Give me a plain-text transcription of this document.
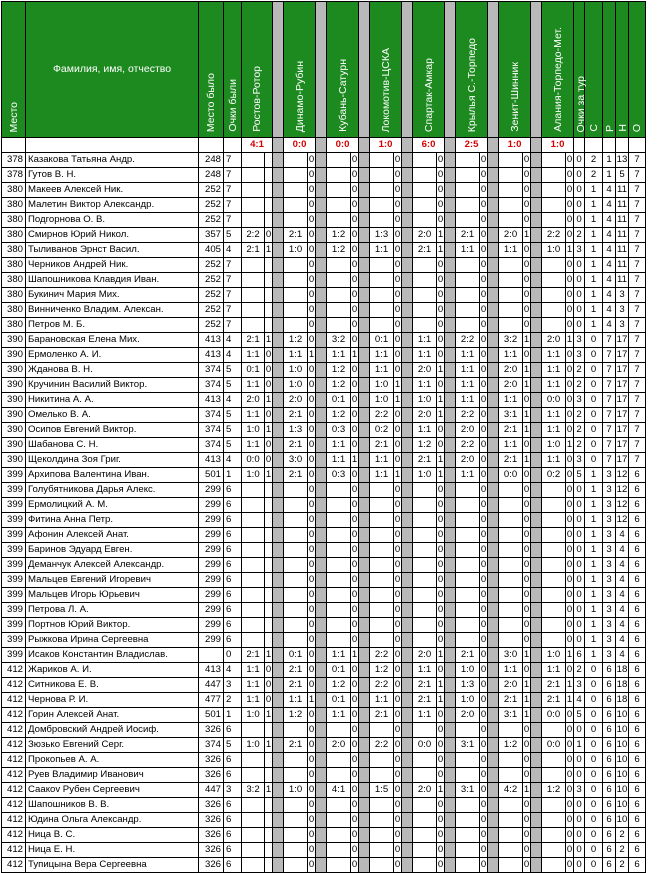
Место	Фамилия, имя, отчество	Место было	Очки были	Ростов-Ротор			Динамо-Рубин			Кубань-Сатурн			Локомотив-ЦСКА			Спартак-Амкар			Крылья С.-Торпедо			Зенит-Шинник			Алания-Торпедо-Мет.		Очки за тур	С	Р	Н	О
				4:1			0:0			0:0			1:0			6:0			2:5			1:0			1:0						
378	Казакова Татьяна Андр.	248	7					0			0			0			0			0			0			0	0	2	1	13	7
378	Гутов В. Н.	248	7					0			0			0			0			0			0			0	0	2	1	5	7
380	Макеев Алексей Ник.	252	7					0			0			0			0			0			0			0	0	1	4	11	7
380	Малетин Виктор Александр.	252	7					0			0			0			0			0			0			0	0	1	4	11	7
380	Подгорнова О. В.	252	7					0			0			0			0			0			0			0	0	1	4	11	7
380	Смирнов Юрий Никол.	357	5	2:2	0		2:1	0		1:2	0		1:3	0		2:0	1		2:1	0		2:0	1		2:2	0	2	1	4	11	7
380	Тыливанов Эрнст Васил.	405	4	2:1	1		1:0	0		1:2	0		1:1	0		2:1	1		1:1	0		1:1	0		1:0	1	3	1	4	11	7
380	Черников Андрей Ник.	252	7					0			0			0			0			0			0			0	0	1	4	11	7
380	Шапошникова Клавдия Иван.	252	7					0			0			0			0			0			0			0	0	1	4	11	7
380	Букинич Мария Мих.	252	7					0			0			0			0			0			0			0	0	1	4	3	7
380	Винниченко Владим. Алексан.	252	7					0			0			0			0			0			0			0	0	1	4	3	7
380	Петров М. Б.	252	7					0			0			0			0			0			0			0	0	1	4	3	7
390	Барановская Елена Мих.	413	4	2:1	1		1:2	0		3:2	0		0:1	0		1:1	0		2:2	0		3:2	1		2:0	1	3	0	7	17	7
390	Ермоленко А. И.	413	4	1:1	0		1:1	1		1:1	1		1:1	0		1:1	0		1:1	0		1:1	0		1:1	0	3	0	7	17	7
390	Жданова В. Н.	374	5	0:1	0		1:0	0		1:2	0		1:1	0		2:0	1		1:1	0		2:0	1		1:1	0	2	0	7	17	7
390	Кручинин Василий Виктор.	374	5	1:1	0		1:0	0		1:2	0		1:0	1		1:1	0		1:1	0		2:0	1		1:1	0	2	0	7	17	7
390	Никитина А. А.	413	4	2:0	1		2:0	0		0:1	0		1:0	1		1:0	1		1:1	0		1:1	0		0:0	0	3	0	7	17	7
390	Омелько В. А.	374	5	1:1	0		2:1	0		1:2	0		2:2	0		2:0	1		2:2	0		3:1	1		1:1	0	2	0	7	17	7
390	Осипов Евгений Виктор.	374	5	1:0	1		1:3	0		0:3	0		0:2	0		1:1	0		2:0	0		2:1	1		1:1	0	2	0	7	17	7
390	Шабанова С. Н.	374	5	1:1	0		2:1	0		1:1	0		2:1	0		1:2	0		2:2	0		1:1	0		1:0	1	2	0	7	17	7
390	Щеколдина Зоя Григ.	413	4	0:0	0		3:0	0		1:1	1		1:1	0		2:1	1		2:0	0		2:1	1		1:1	0	3	0	7	17	7
399	Архипова Валентина Иван.	501	1	1:0	1		2:1	0		0:3	0		1:1	1		1:0	1		1:1	0		0:0	0		0:2	0	5	1	3	12	6
399	Голубятникова Дарья Алекс.	299	6					0			0			0			0			0			0			0	0	1	3	12	6
399	Ермолицкий А. М.	299	6					0			0			0			0			0			0			0	0	1	3	12	6
399	Фитина Анна Петр.	299	6					0			0			0			0			0			0			0	0	1	3	12	6
399	Афонин Алексей Анат.	299	6					0			0			0			0			0			0			0	0	1	3	4	6
399	Баринов Эдуард Евген.	299	6					0			0			0			0			0			0			0	0	1	3	4	6
399	Деманчук Алексей Александр.	299	6					0			0			0			0			0			0			0	0	1	3	4	6
399	Мальцев Евгений Игоревич	299	6					0			0			0			0			0			0			0	0	1	3	4	6
399	Мальцев Игорь Юрьевич	299	6					0			0			0			0			0			0			0	0	1	3	4	6
399	Петрова Л. А.	299	6					0			0			0			0			0			0			0	0	1	3	4	6
399	Портнов Юрий Виктор.	299	6					0			0			0			0			0			0			0	0	1	3	4	6
399	Рыжкова Ирина Сергеевна	299	6					0			0			0			0			0			0			0	0	1	3	4	6
399	Исаков Константин Владислав.		0	2:1	1		0:1	0		1:1	1		2:2	0		2:0	1		2:1	0		3:0	1		1:0	1	6	1	3	4	6
412	Жариков А. И.	413	4	1:1	0		2:1	0		0:1	0		1:2	0		1:1	0		1:0	0		1:1	0		1:1	0	2	0	6	18	6
412	Ситникова Е. В.	447	3	1:1	0		2:1	0		1:2	0		2:2	0		2:1	1		1:3	0		2:0	1		2:1	1	3	0	6	18	6
412	Чернова Р. И.	477	2	1:1	0		1:1	1		0:1	0		1:1	0		2:1	1		1:0	0		2:1	1		2:1	1	4	0	6	18	6
412	Горин Алексей Анат.	501	1	1:0	1		1:2	0		1:1	0		2:1	0		1:1	0		2:0	0		3:1	1		0:0	0	5	0	6	10	6
412	Домбровский Андрей Иосиф.	326	6					0			0			0			0			0			0			0	0	0	6	10	6
412	Зюзько Евгений Серг.	374	5	1:0	1		2:1	0		2:0	0		2:2	0		0:0	0		3:1	0		1:2	0		0:0	0	1	0	6	10	6
412	Прокопьев А. А.	326	6					0			0			0			0			0			0			0	0	0	6	10	6
412	Руев Владимир Иванович	326	6					0			0			0			0			0			0			0	0	0	6	10	6
412	Саакоv Рубен Сергеевич	447	3	3:2	1		1:0	0		4:1	0		1:5	0		2:0	1		3:1	0		4:2	1		1:2	0	3	0	6	10	6
412	Шапошников В. В.	326	6					0			0			0			0			0			0			0	0	0	6	10	6
412	Юдина Ольга Александр.	326	6					0			0			0			0			0			0			0	0	0	6	10	6
412	Ница В. С.	326	6					0			0			0			0			0			0			0	0	0	6	2	6
412	Ница Е. Н.	326	6					0			0			0			0			0			0			0	0	0	6	2	6
412	Тупицына Вера Сергеевна	326	6					0			0			0			0			0			0			0	0	0	6	2	6
